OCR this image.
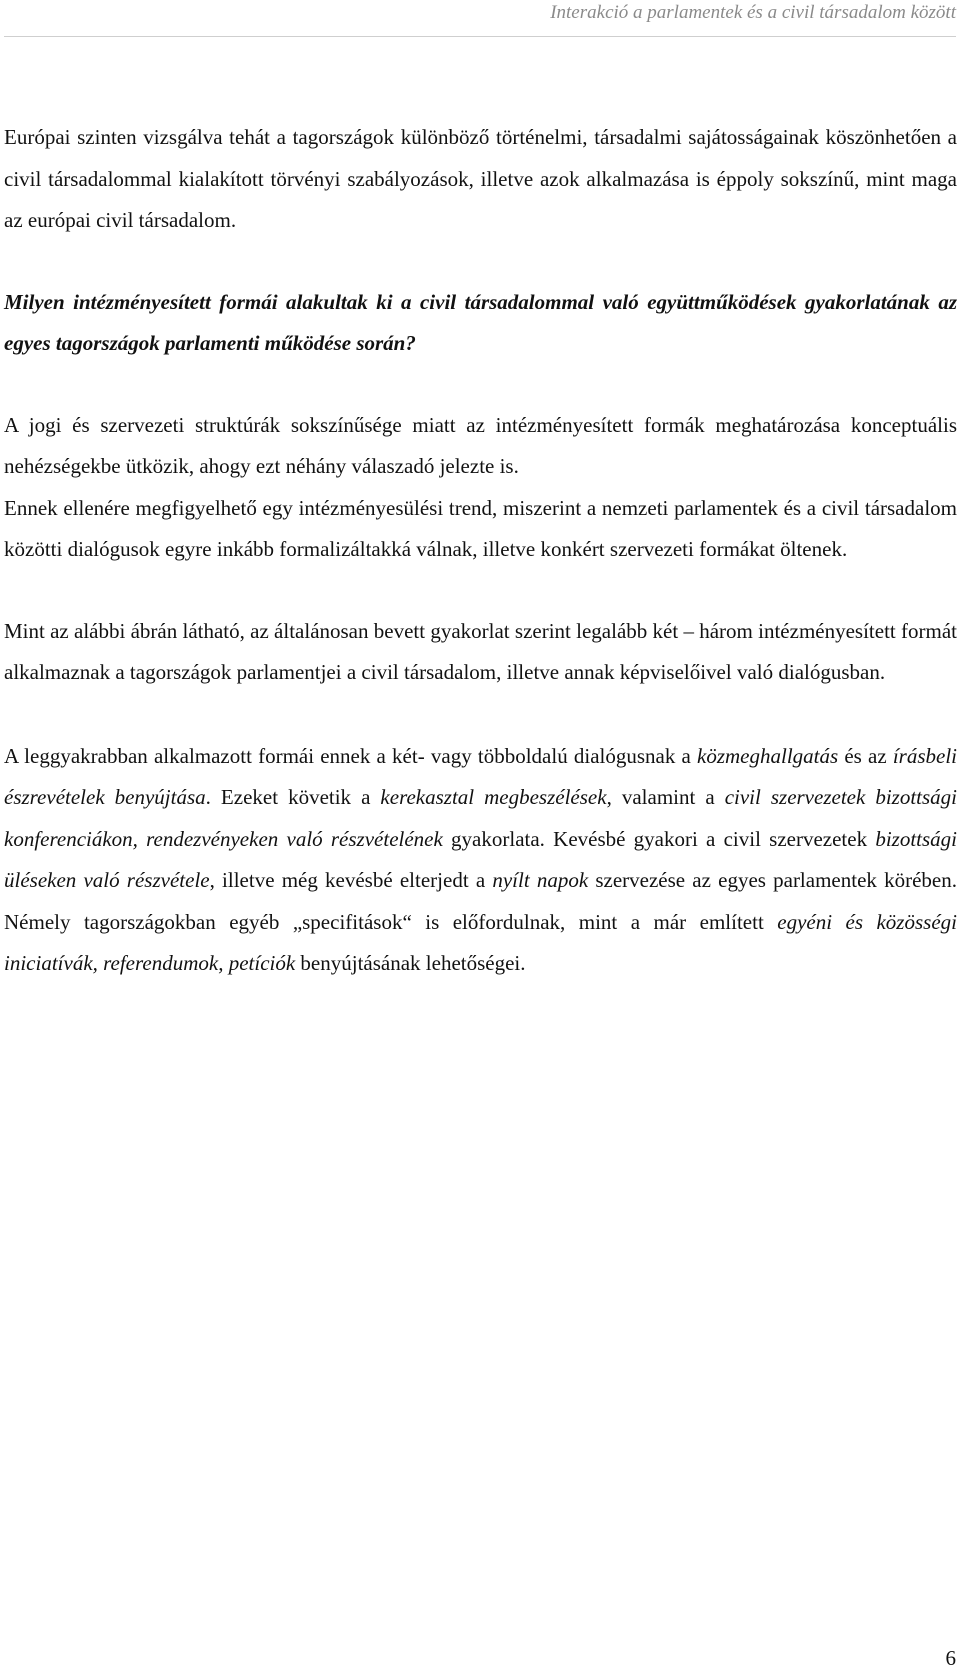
Interakció a parlamentek és a civil társadalom között

Európai szinten vizsgálva tehát a tagországok különböző történelmi, társadalmi sajátosságainak köszönhetően a civil társadalommal kialakított törvényi szabályozások, illetve azok alkalmazása is éppoly sokszínű, mint maga az európai civil társadalom.

Milyen intézményesített formái alakultak ki a civil társadalommal való együttműködések gyakorlatának az egyes tagországok parlamenti működése során?

A jogi és szervezeti struktúrák sokszínűsége miatt az intézményesített formák meghatározása konceptuális nehézségekbe ütközik, ahogy ezt néhány válaszadó jelezte is.

Ennek ellenére megfigyelhető egy intézményesülési trend, miszerint a nemzeti parlamentek és a civil társadalom közötti dialógusok egyre inkább formalizáltakká válnak, illetve konkért szervezeti formákat öltenek.

Mint az alábbi ábrán látható, az általánosan bevett gyakorlat szerint legalább két – három intézményesített formát alkalmaznak a tagországok parlamentjei a civil társadalom, illetve annak képviselőivel való dialógusban.

A leggyakrabban alkalmazott formái ennek a két- vagy többoldalú dialógusnak a közmeghallgatás és az írásbeli észrevételek benyújtása. Ezeket követik a kerekasztal megbeszélések, valamint a civil szervezetek bizottsági konferenciákon, rendezvényeken való részvételének gyakorlata. Kevésbé gyakori a civil szervezetek bizottsági üléseken való részvétele, illetve még kevésbé elterjedt a nyílt napok szervezése az egyes parlamentek körében. Némely tagországokban egyéb „specifitások“ is előfordulnak, mint a már említett egyéni és közösségi iniciatívák, referendumok, petíciók benyújtásának lehetőségei.

6
